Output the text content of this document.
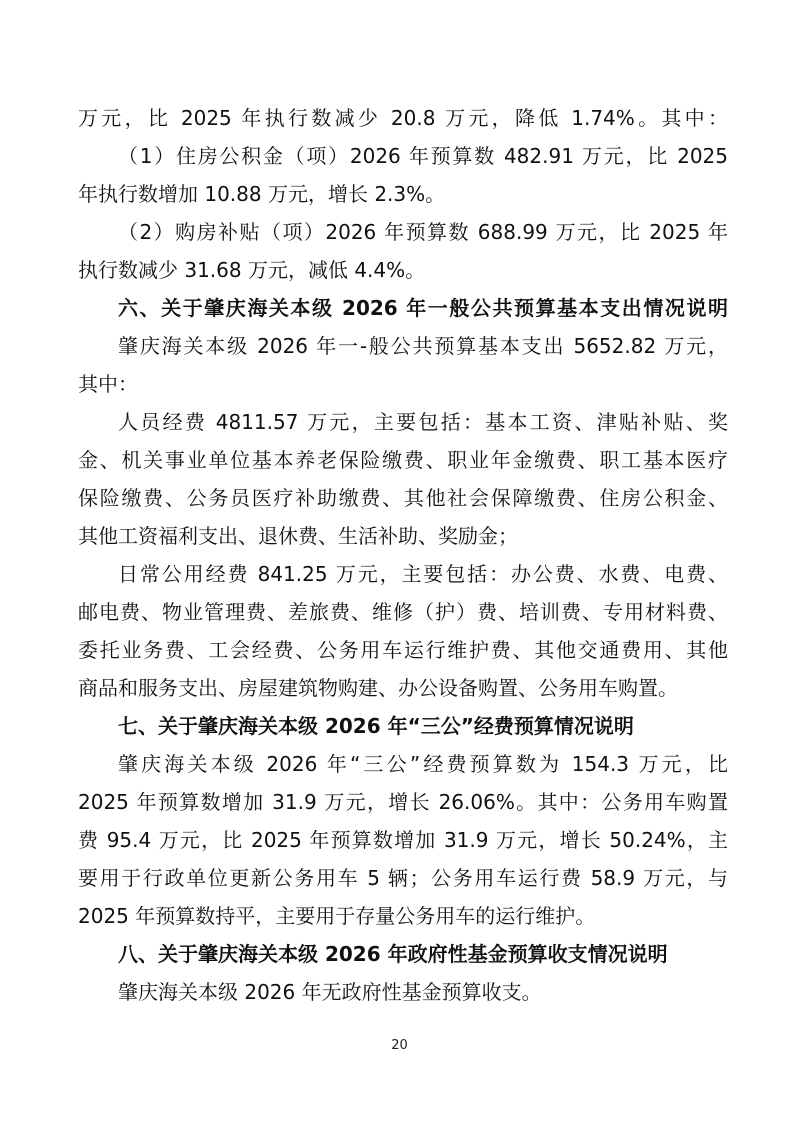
万元，比 2025 年执行数减少 20.8 万元，降低 1.74%。其中：
（1）住房公积金（项）2026 年预算数 482.91 万元，比 2025
年执行数增加 10.88 万元，增长 2.3%。
（2）购房补贴（项）2026 年预算数 688.99 万元，比 2025 年
执行数减少 31.68 万元，减低 4.4%。
六、关于肇庆海关本级 2026 年一般公共预算基本支出情况说明
肇庆海关本级 2026 年一-般公共预算基本支出 5652.82 万元，
其中：
人员经费 4811.57 万元，主要包括：基本工资、津贴补贴、奖
金、机关事业单位基本养老保险缴费、职业年金缴费、职工基本医疗
保险缴费、公务员医疗补助缴费、其他社会保障缴费、住房公积金、
其他工资福利支出、退休费、生活补助、奖励金；
日常公用经费 841.25 万元，主要包括：办公费、水费、电费、
邮电费、物业管理费、差旅费、维修（护）费、培训费、专用材料费、
委托业务费、工会经费、公务用车运行维护费、其他交通费用、其他
商品和服务支出、房屋建筑物购建、办公设备购置、公务用车购置。
七、关于肇庆海关本级 2026 年“三公”经费预算情况说明
肇庆海关本级 2026 年“三公”经费预算数为 154.3 万元，比
2025 年预算数增加 31.9 万元，增长 26.06%。其中：公务用车购置
费 95.4 万元，比 2025 年预算数增加 31.9 万元，增长 50.24%，主
要用于行政单位更新公务用车 5 辆；公务用车运行费 58.9 万元，与
2025 年预算数持平，主要用于存量公务用车的运行维护。
八、关于肇庆海关本级 2026 年政府性基金预算收支情况说明
肇庆海关本级 2026 年无政府性基金预算收支。
20
